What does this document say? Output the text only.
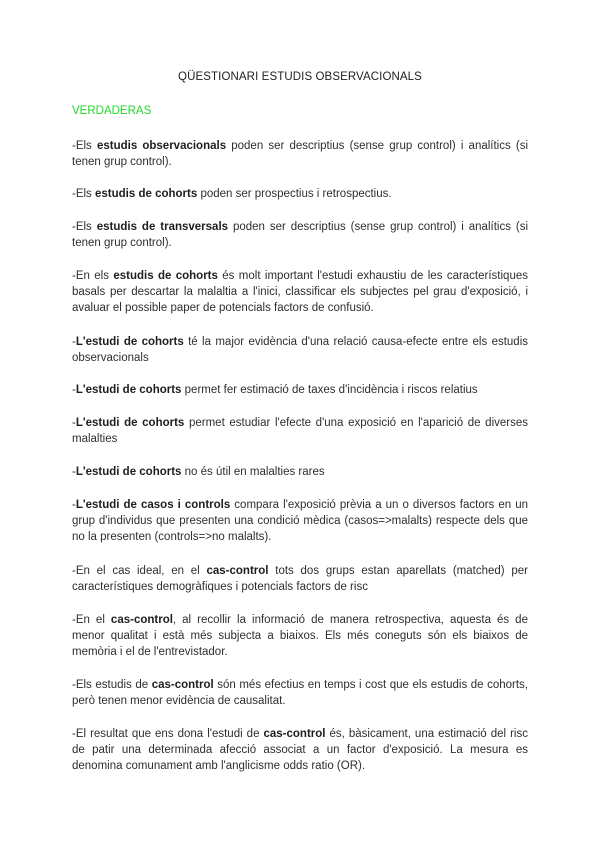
QÜESTIONARI ESTUDIS OBSERVACIONALS

VERDADERAS

-Els estudis observacionals poden ser descriptius (sense grup control) i analítics (si tenen grup control).

-Els estudis de cohorts poden ser prospectius i retrospectius.

-Els estudis de transversals poden ser descriptius (sense grup control) i analítics (si tenen grup control).

-En els estudis de cohorts és molt important l'estudi exhaustiu de les característiques basals per descartar la malaltia a l'inici, classificar els subjectes pel grau d'exposició, i avaluar el possible paper de potencials factors de confusió.

-L'estudi de cohorts té la major evidència d'una relació causa-efecte entre els estudis observacionals

-L'estudi de cohorts permet fer estimació de taxes d'incidència i riscos relatius

-L'estudi de cohorts permet estudiar l'efecte d'una exposició en l'aparició de diverses malalties

-L'estudi de cohorts no és útil en malalties rares

-L'estudi de casos i controls compara l'exposició prèvia a un o diversos factors en un grup d'individus que presenten una condició mèdica (casos=>malalts) respecte dels que no la presenten (controls=>no malalts).

-En el cas ideal, en el cas-control tots dos grups estan aparellats (matched) per característiques demogràfiques i potencials factors de risc

-En el cas-control, al recollir la informació de manera retrospectiva, aquesta és de menor qualitat i està més subjecta a biaixos. Els més coneguts són els biaixos de memòria i el de l'entrevistador.

-Els estudis de cas-control són més efectius en temps i cost que els estudis de cohorts, però tenen menor evidència de causalitat.

-El resultat que ens dona l'estudi de cas-control és, bàsicament, una estimació del risc de patir una determinada afecció associat a un factor d'exposició. La mesura es denomina comunament amb l'anglicisme odds ratio (OR).
